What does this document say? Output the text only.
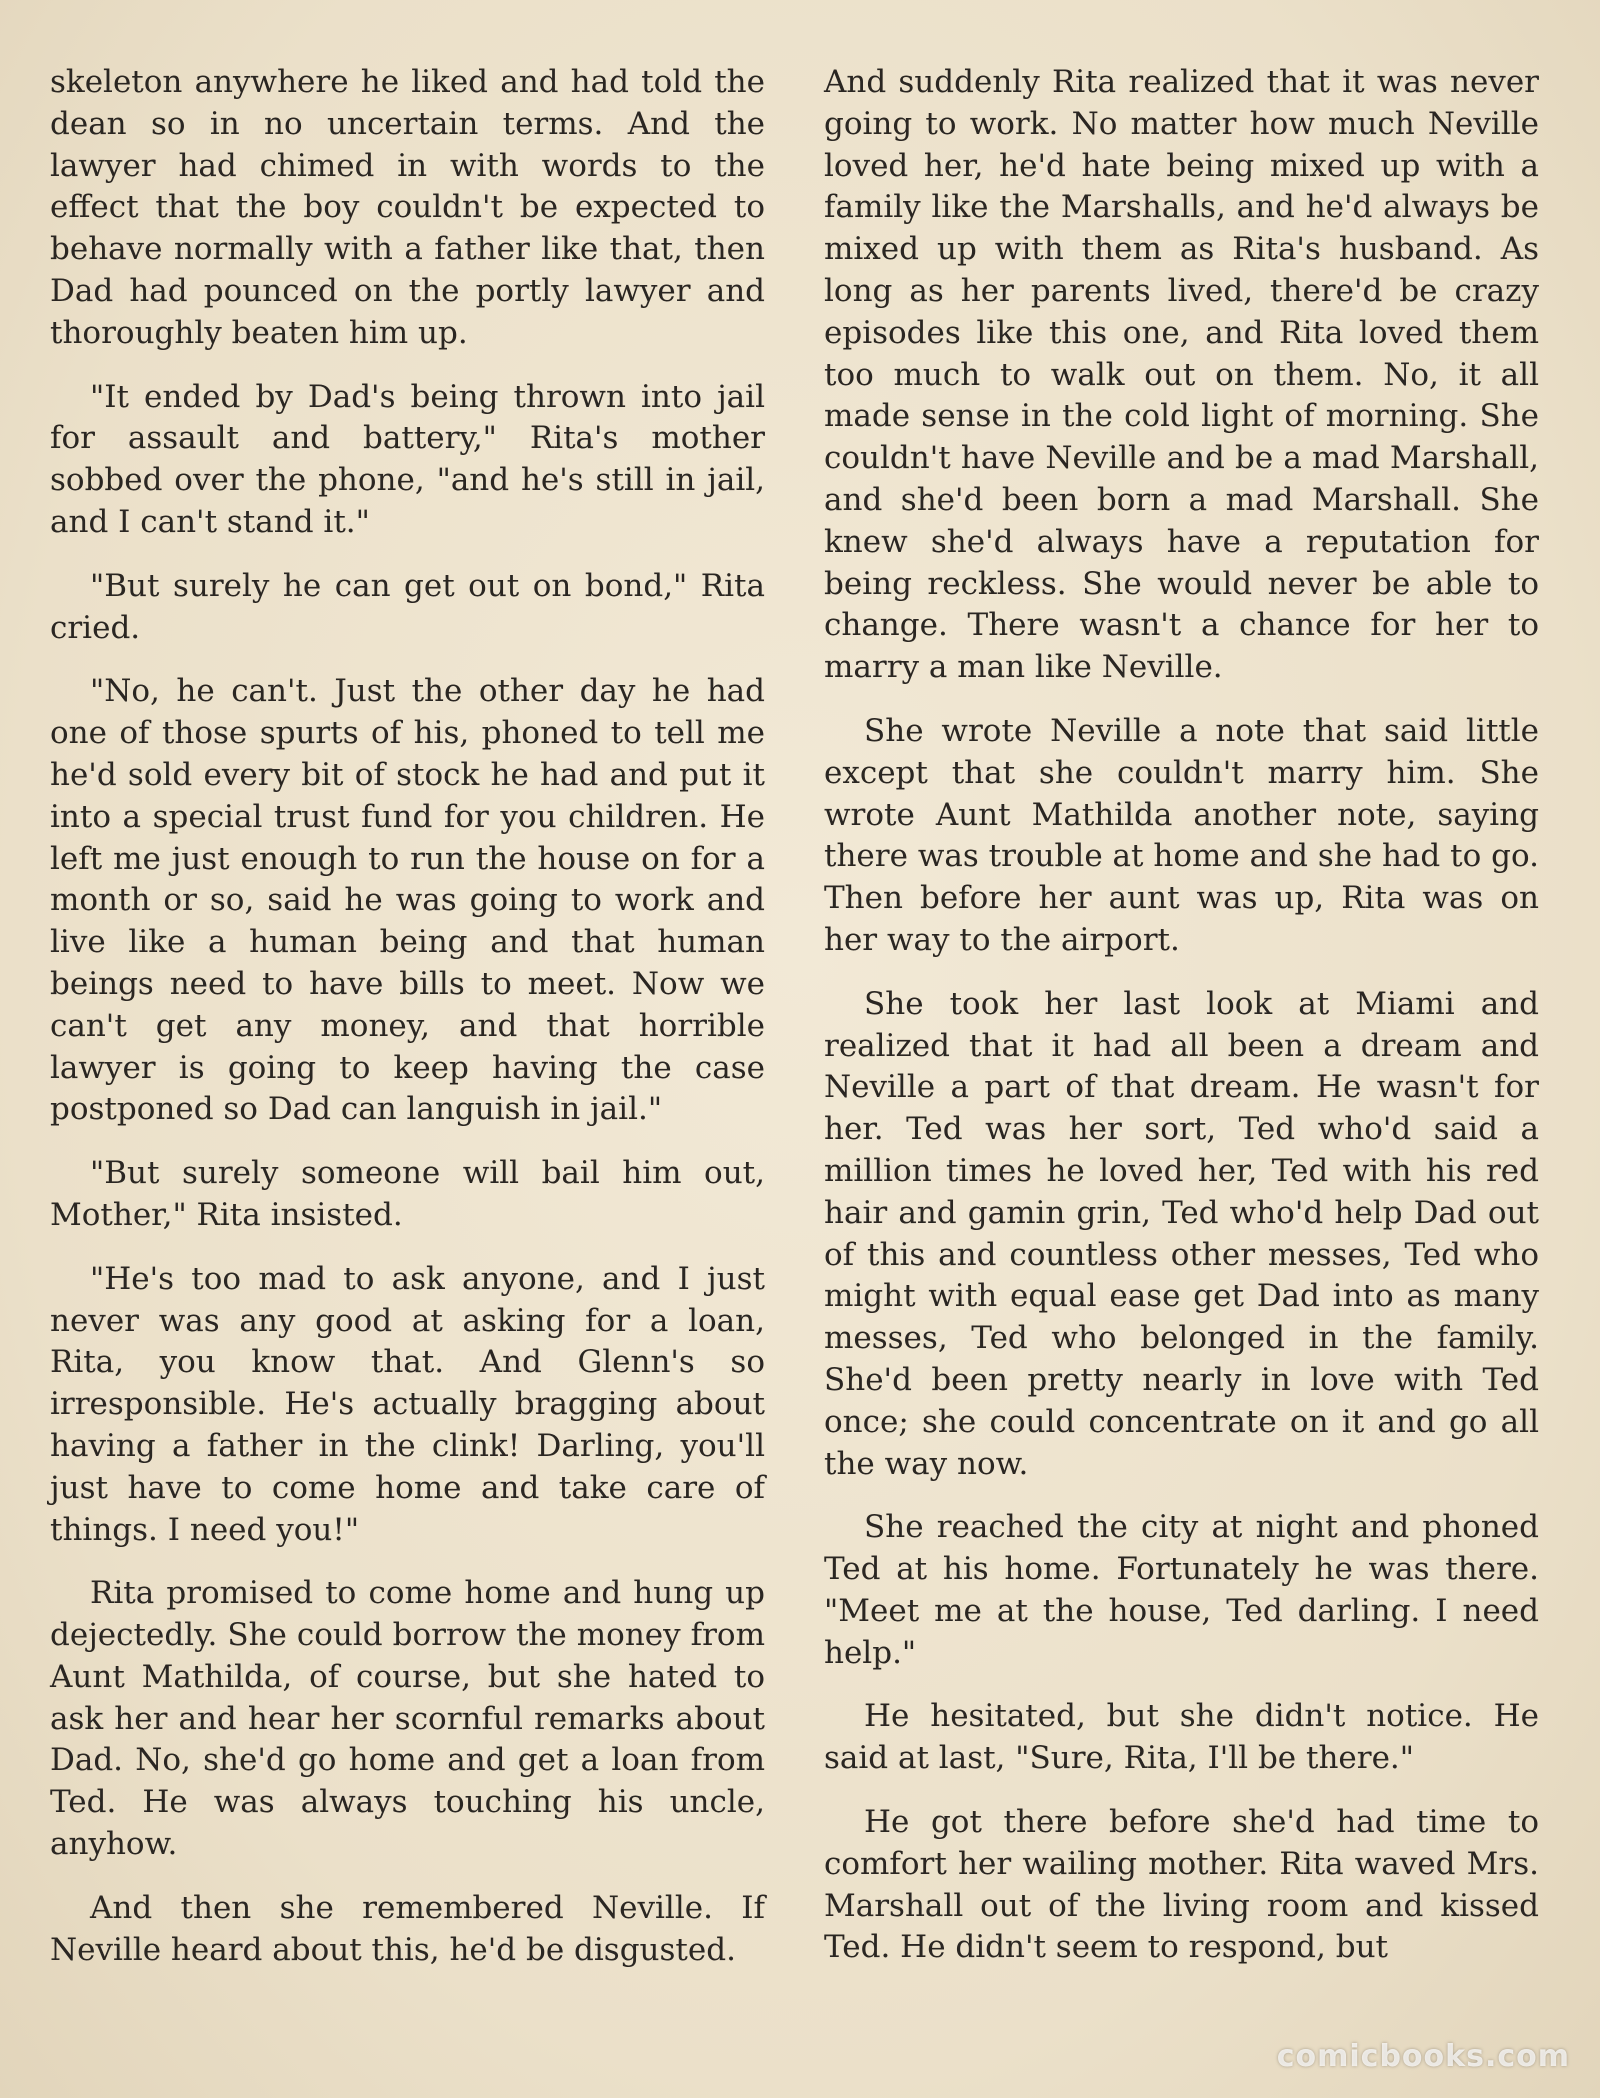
skeleton anywhere he liked and had told the dean so in no uncertain terms. And the lawyer had chimed in with words to the effect that the boy couldn't be expected to behave normally with a father like that, then Dad had pounced on the portly lawyer and thoroughly beaten him up.

"It ended by Dad's being thrown into jail for assault and battery," Rita's mother sobbed over the phone, "and he's still in jail, and I can't stand it."

"But surely he can get out on bond," Rita cried.

"No, he can't. Just the other day he had one of those spurts of his, phoned to tell me he'd sold every bit of stock he had and put it into a special trust fund for you children. He left me just enough to run the house on for a month or so, said he was going to work and live like a human being and that human beings need to have bills to meet. Now we can't get any money, and that horrible lawyer is going to keep having the case postponed so Dad can languish in jail."

"But surely someone will bail him out, Mother," Rita insisted.

"He's too mad to ask anyone, and I just never was any good at asking for a loan, Rita, you know that. And Glenn's so irresponsible. He's actually bragging about having a father in the clink! Darling, you'll just have to come home and take care of things. I need you!"

Rita promised to come home and hung up dejectedly. She could borrow the money from Aunt Mathilda, of course, but she hated to ask her and hear her scornful remarks about Dad. No, she'd go home and get a loan from Ted. He was always touching his uncle, anyhow.

And then she remembered Neville. If Neville heard about this, he'd be disgusted.

And suddenly Rita realized that it was never going to work. No matter how much Neville loved her, he'd hate being mixed up with a family like the Marshalls, and he'd always be mixed up with them as Rita's husband. As long as her parents lived, there'd be crazy episodes like this one, and Rita loved them too much to walk out on them. No, it all made sense in the cold light of morning. She couldn't have Neville and be a mad Marshall, and she'd been born a mad Marshall. She knew she'd always have a reputation for being reckless. She would never be able to change. There wasn't a chance for her to marry a man like Neville.

She wrote Neville a note that said little except that she couldn't marry him. She wrote Aunt Mathilda another note, saying there was trouble at home and she had to go. Then before her aunt was up, Rita was on her way to the airport.

She took her last look at Miami and realized that it had all been a dream and Neville a part of that dream. He wasn't for her. Ted was her sort, Ted who'd said a million times he loved her, Ted with his red hair and gamin grin, Ted who'd help Dad out of this and countless other messes, Ted who might with equal ease get Dad into as many messes, Ted who belonged in the family. She'd been pretty nearly in love with Ted once; she could concentrate on it and go all the way now.

She reached the city at night and phoned Ted at his home. Fortunately he was there. "Meet me at the house, Ted darling. I need help."

He hesitated, but she didn't notice. He said at last, "Sure, Rita, I'll be there."

He got there before she'd had time to comfort her wailing mother. Rita waved Mrs. Marshall out of the living room and kissed Ted. He didn't seem to respond, but

comicbooks.com
